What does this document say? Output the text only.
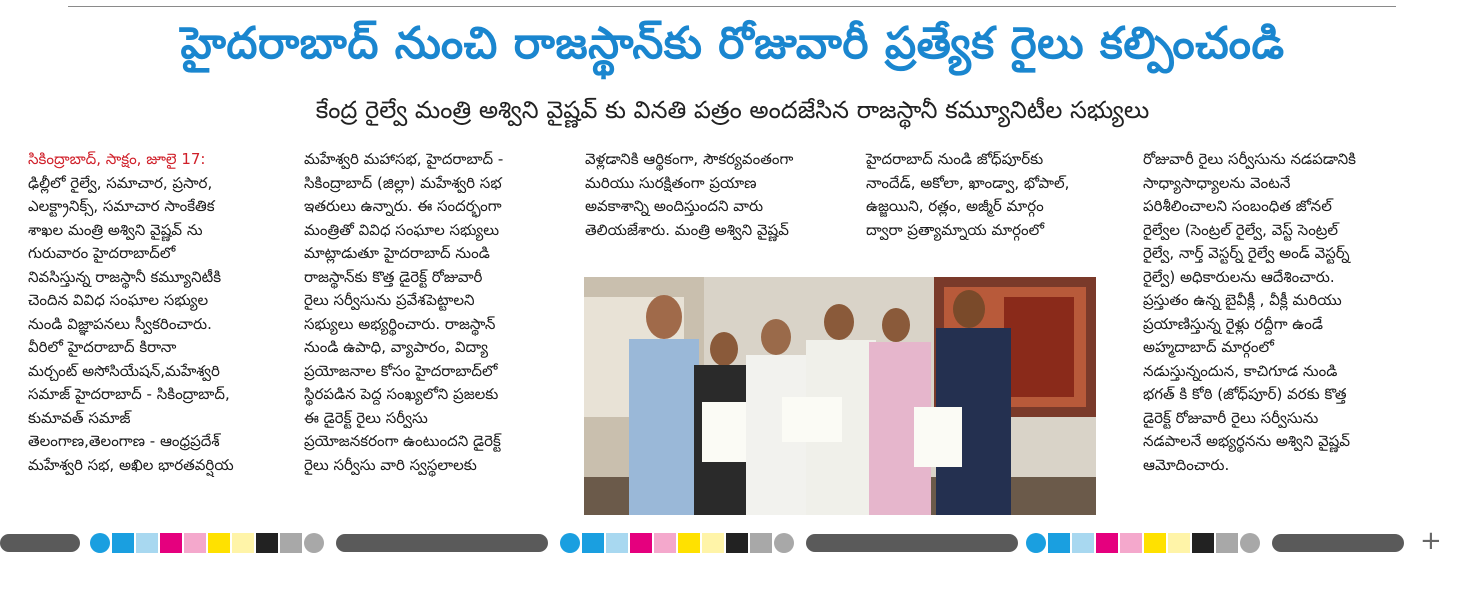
హైదరాబాద్ నుంచి రాజస్థాన్‌కు రోజువారీ ప్రత్యేక రైలు కల్పించండి
కేంద్ర రైల్వే మంత్రి అశ్విని వైష్ణవ్ కు వినతి పత్రం అందజేసిన రాజస్థానీ కమ్యూనిటీల సభ్యులు
సికింద్రాబాద్, సాక్షం, జూలై 17:
ఢిల్లీలో రైల్వే, సమాచార, ప్రసార,
ఎలక్ట్రానిక్స్, సమాచార సాంకేతిక
శాఖల మంత్రి అశ్విని వైష్ణవ్ ను
గురువారం హైదరాబాద్‌లో
నివసిస్తున్న రాజస్థానీ కమ్యూనిటీకి
చెందిన వివిధ సంఘాల సభ్యుల
నుండి విజ్ఞాపనలు స్వీకరించారు.
వీరిలో హైదరాబాద్ కిరానా
మర్చంట్ అసోసియేషన్,మహేశ్వరి
సమాజ్ హైదరాబాద్ - సికింద్రాబాద్,
కుమావత్ సమాజ్
తెలంగాణ,తెలంగాణ - ఆంధ్రప్రదేశ్
మహేశ్వరి సభ, అఖిల భారతవర్షియ
మహేశ్వరి మహాసభ, హైదరాబాద్ -
సికింద్రాబాద్ (జిల్లా) మహేశ్వరి సభ
ఇతరులు ఉన్నారు. ఈ సందర్భంగా
మంత్రితో వివిధ సంఘాల సభ్యులు
మాట్లాడుతూ హైదరాబాద్ నుండి
రాజస్థాన్‌కు కొత్త డైరెక్ట్ రోజువారీ
రైలు సర్వీసును ప్రవేశపెట్టాలని
సభ్యులు అభ్యర్థించారు. రాజస్థాన్
నుండి ఉపాధి, వ్యాపారం, విద్యా
ప్రయోజనాల కోసం హైదరాబాద్‌లో
స్థిరపడిన పెద్ద సంఖ్యలోని ప్రజలకు
ఈ డైరెక్ట్ రైలు సర్వీసు
ప్రయోజనకరంగా ఉంటుందని డైరెక్ట్
రైలు సర్వీసు వారి స్వస్థలాలకు
వెళ్లడానికి ఆర్థికంగా, సౌకర్యవంతంగా
మరియు సురక్షితంగా ప్రయాణ
అవకాశాన్ని అందిస్తుందని వారు
తెలియజేశారు. మంత్రి అశ్విని వైష్ణవ్
హైదరాబాద్ నుండి జోధ్‌పూర్‌కు
నాందేడ్, అకోలా, ఖాండ్వా, భోపాల్,
ఉజ్జయిని, రత్లం, అజ్మీర్ మార్గం
ద్వారా ప్రత్యామ్నాయ మార్గంలో
రోజువారీ రైలు సర్వీసును నడపడానికి
సాధ్యాసాధ్యాలను వెంటనే
పరిశీలించాలని సంబంధిత జోనల్
రైల్వేల (సెంట్రల్ రైల్వే, వెస్ట్ సెంట్రల్
రైల్వే, నార్త్ వెస్టర్న్ రైల్వే అండ్ వెస్టర్న్
రైల్వే) అధికారులను ఆదేశించారు.
ప్రస్తుతం ఉన్న బైవీక్లీ , వీక్లీ మరియు
ప్రయాణిస్తున్న రైళ్లు రద్దీగా ఉండే
అహ్మదాబాద్ మార్గంలో
నడుస్తున్నందున, కాచిగూడ నుండి
భగత్ కి కోఠి (జోధ్‌పూర్) వరకు కొత్త
డైరెక్ట్ రోజువారీ రైలు సర్వీసును
నడపాలనే అభ్యర్థనను అశ్విని వైష్ణవ్
ఆమోదించారు.
+
